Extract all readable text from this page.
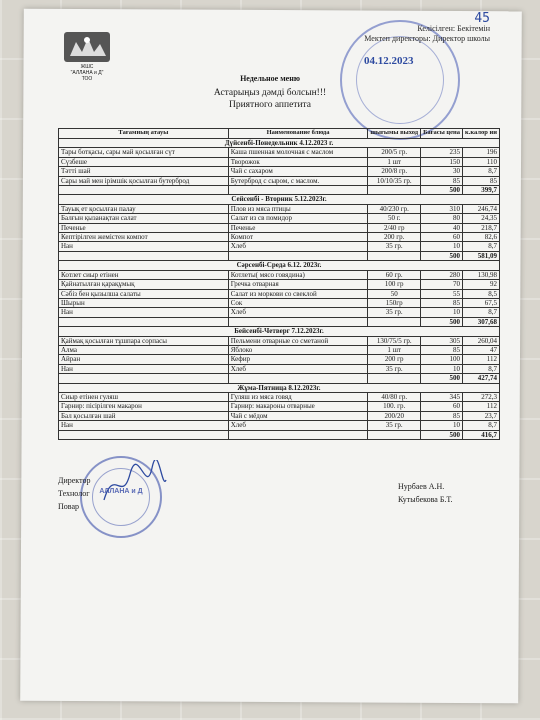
ЖШС
"АЛЛАНА и Д"
ТОО
Келісілген: Бекітемін
Мектеп директоры: Директор школы
45
04.12.2023
Недельное меню
Астарыңыз дәмді болсын!!!
Приятного аппетита
Тағамның атауы	Наименование блюда	шығымы выход	Бағасы цена	к.калор ии
Дүйсенбі-Понедельник 4.12.2023 г.				
Тары ботқасы, сары май қосылған сүт	Каша пшенная молочная с маслом	200/5 гр.	235	196
Сүзбеше	Творожок	1 шт	150	110
Тәтті шай	Чай с сахаром	200/8 гр.	30	8,7
Сары май мен ірімшік қосылған бутерброд	Бутерброд с сыром, с маслом.	10/10/35 гр.	85	85
			500	399,7
Сейсенбі - Вторник 5.12.2023г.				
Тауық ет қосылған палау	Плов из мяса птицы	40/230 гр.	310	246,74
Балғын қызанақтан салат	Салат из св помидор	50 г.	80	24,35
Печенье	Печенье	2/40 гр	40	218,7
Кептірілген жемістен компот	Компот	200 гр.	60	82,6
Нан	Хлеб	35 гр.	10	8,7
			500	581,09
Сәрсенбі-Среда 6.12. 2023г.				
Котлет сиыр етінен	Котлеты( мясо говядина)	60 гр.	280	130,98
Қайнатылған қарақұмық	Гречка отварная	100 гр	70	92
Сәбіз бен қызылша салаты	Салат из моркови со свеклой	50	55	8,5
Шырын	Сок	150гр	85	67,5
Нан	Хлеб	35 гр.	10	8,7
			500	307,68
Бейсенбі-Четверг 7.12.2023г.				
Қаймақ қосылған тұшпара сорпасы	Пельмени отварные со сметаной	130/75/5 гр.	305	260,04
Алма	Яблоко	1 шт	85	47
Айран	Кефир	200 гр	100	112
Нан	Хлеб	35 гр.	10	8,7
			500	427,74
Жұма-Пятница 8.12.2023г.				
Сиыр етінен гуляш	Гуляш из мяса говяд	40/80 гр.	345	272,3
Гарнир: пісірілген макарон	Гарнир: макароны отварные	100. гр.	60	112
Бал қосылған шай	Чай с мёдом	200/20	85	23,7
Нан	Хлеб	35 гр.	10	8,7
			500	416,7
АЛЛАНА и Д
Директор
Технолог
Повар
Нурбаев А.Н.
Кутыбекова Б.Т.
